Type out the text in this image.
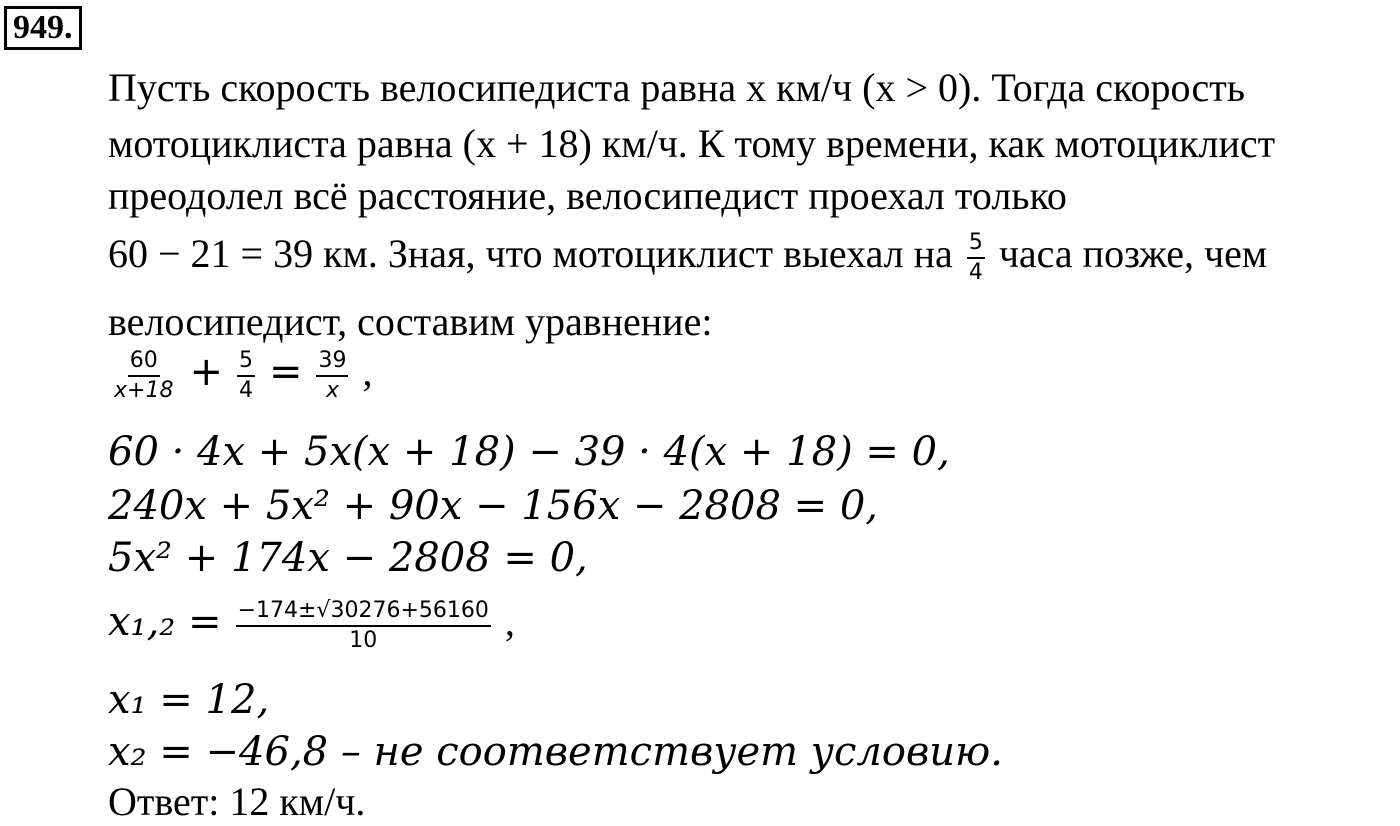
949.
Пусть скорость велосипедиста равна x км/ч (x > 0). Тогда скорость
мотоциклиста равна (x + 18) км/ч. К тому времени, как мотоциклист
преодолел всё расстояние, велосипедист проехал только
60 − 21 = 39 км. Зная, что мотоциклист выехал на $\frac{5}{4}$ часа позже, чем
велосипедист, составим уравнение:
$\frac{60}{x+18} + \frac{5}{4} = \frac{39}{x}$ ,
60 · 4x + 5x(x + 18) − 39 · 4(x + 18) = 0,
240x + 5x² + 90x − 156x − 2808 = 0,
5x² + 174x − 2808 = 0,
$x_1,_2 = \frac{-174\pm√30276+56160}{10}$ ,
x₁ = 12,
x₂ = −46,8 – не соответствует условию.
Ответ: 12 км/ч.
